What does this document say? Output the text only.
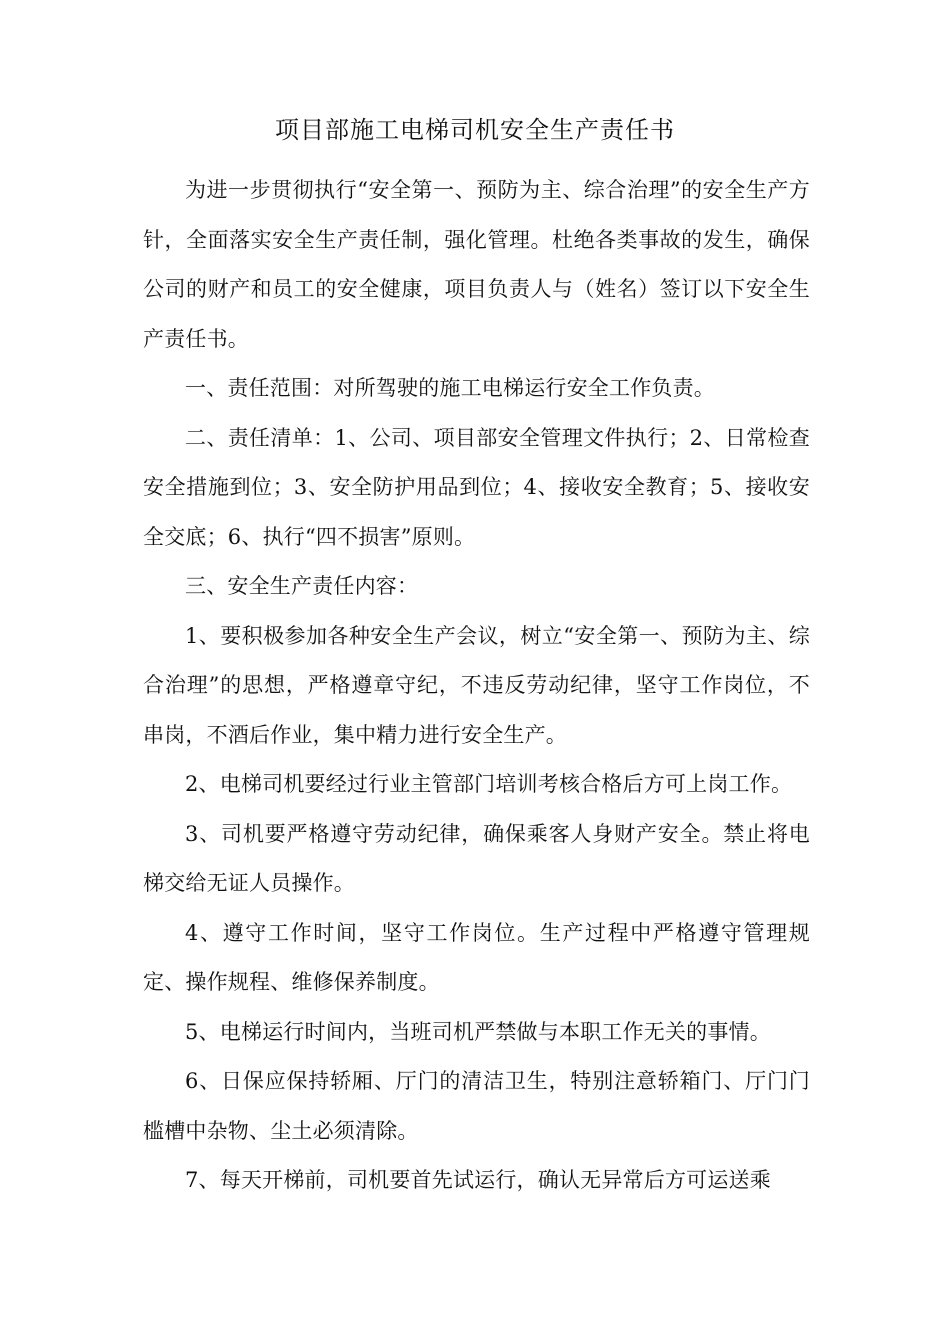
项目部施工电梯司机安全生产责任书

为进一步贯彻执行“安全第一、预防为主、综合治理”的安全生产方针，全面落实安全生产责任制，强化管理。杜绝各类事故的发生，确保公司的财产和员工的安全健康，项目负责人与（姓名）签订以下安全生产责任书。

一、责任范围：对所驾驶的施工电梯运行安全工作负责。

二、责任清单：1、公司、项目部安全管理文件执行；2、日常检查安全措施到位；3、安全防护用品到位；4、接收安全教育；5、接收安全交底；6、执行“四不损害”原则。

三、安全生产责任内容：

1、要积极参加各种安全生产会议，树立“安全第一、预防为主、综合治理”的思想，严格遵章守纪，不违反劳动纪律，坚守工作岗位，不串岗，不酒后作业，集中精力进行安全生产。

2、电梯司机要经过行业主管部门培训考核合格后方可上岗工作。

3、司机要严格遵守劳动纪律，确保乘客人身财产安全。禁止将电梯交给无证人员操作。

4、遵守工作时间，坚守工作岗位。生产过程中严格遵守管理规定、操作规程、维修保养制度。

5、电梯运行时间内，当班司机严禁做与本职工作无关的事情。

6、日保应保持轿厢、厅门的清洁卫生，特别注意轿箱门、厅门门槛槽中杂物、尘土必须清除。

7、每天开梯前，司机要首先试运行，确认无异常后方可运送乘
